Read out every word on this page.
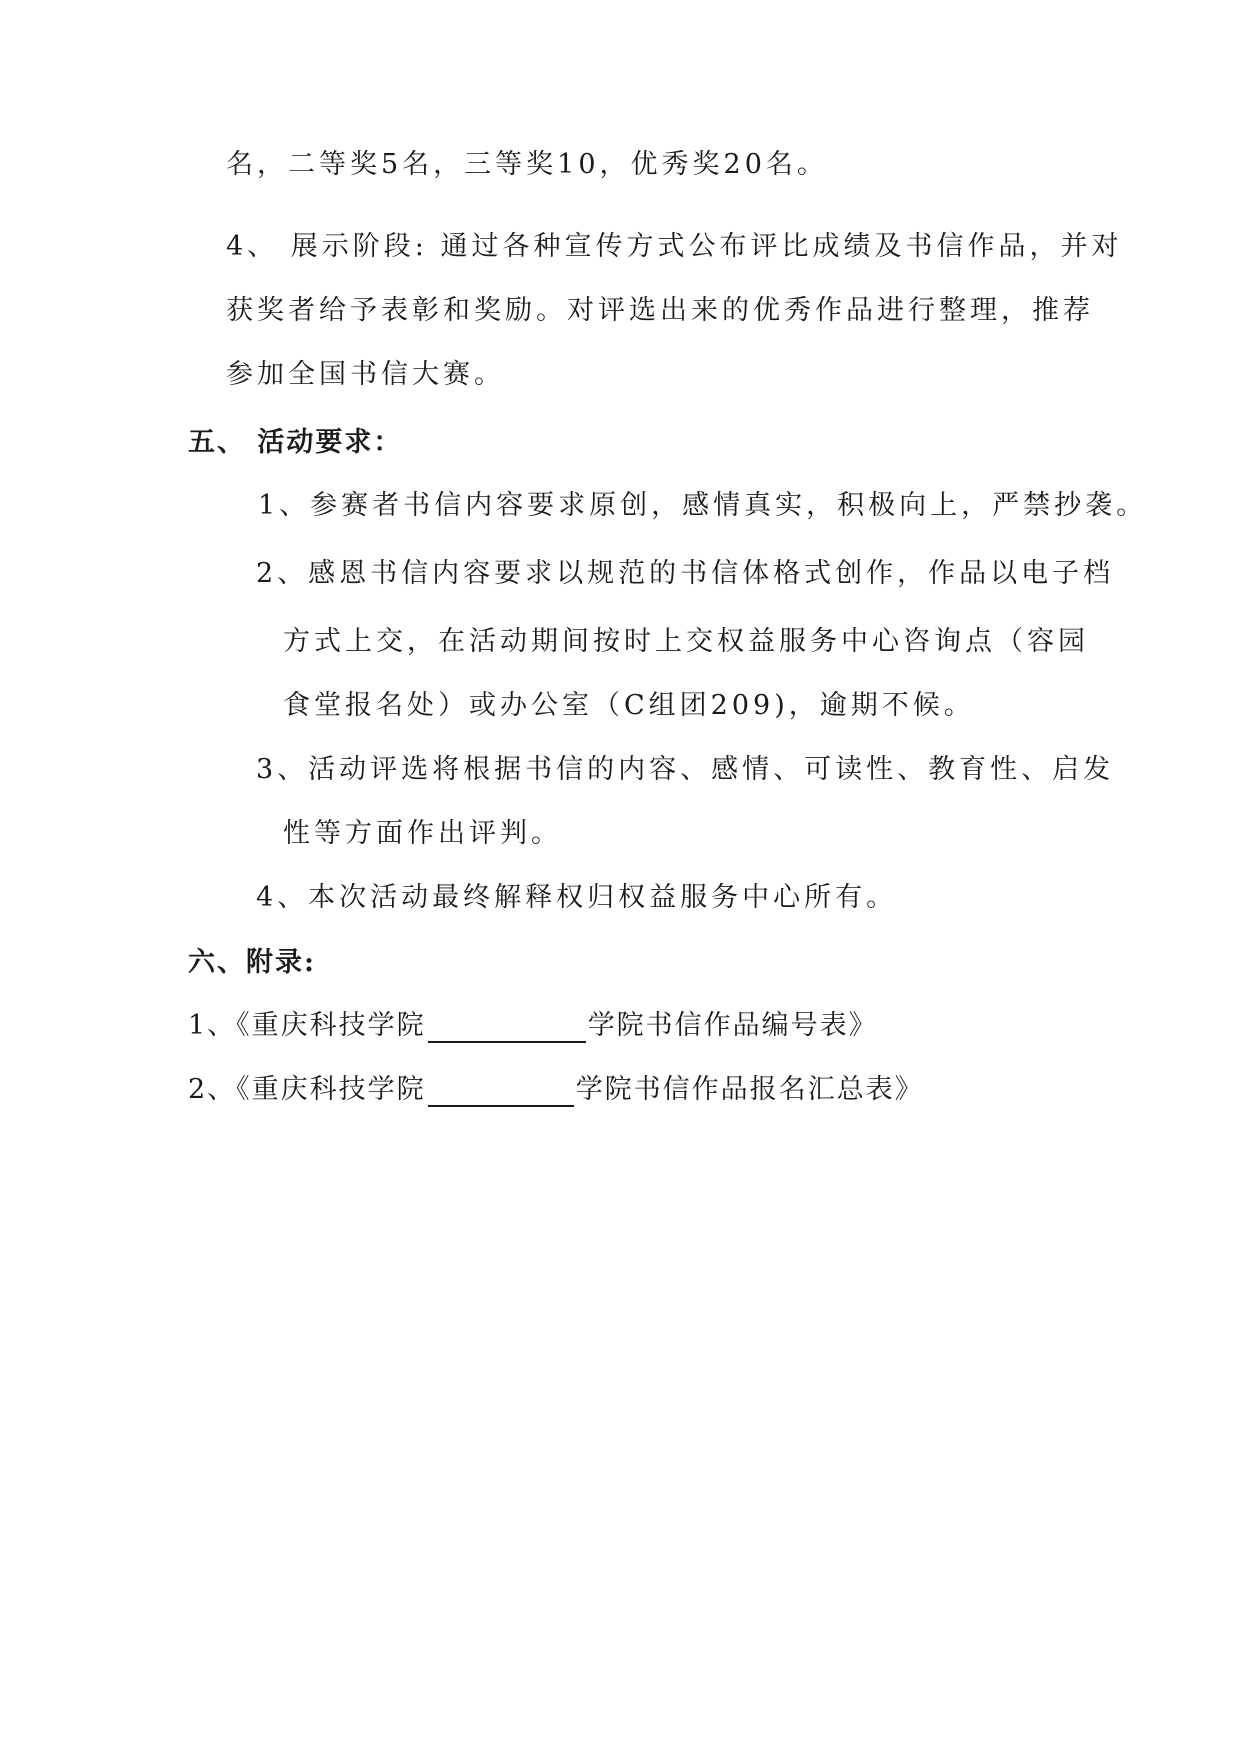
名，二等奖5名，三等奖10，优秀奖20名。
4、 展示阶段: 通过各种宣传方式公布评比成绩及书信作品，并对
获奖者给予表彰和奖励。对评选出来的优秀作品进行整理，推荐
参加全国书信大赛。
五、 活动要求：
1、参赛者书信内容要求原创，感情真实，积极向上，严禁抄袭。
2、感恩书信内容要求以规范的书信体格式创作，作品以电子档
方式上交，在活动期间按时上交权益服务中心咨询点（容园
食堂报名处）或办公室（C组团209)，逾期不候。
3、活动评选将根据书信的内容、感情、可读性、教育性、启发
性等方面作出评判。
4、本次活动最终解释权归权益服务中心所有。
六、附录:
1、《重庆科技学院	学院书信作品编号表》
2、《重庆科技学院	学院书信作品报名汇总表》
